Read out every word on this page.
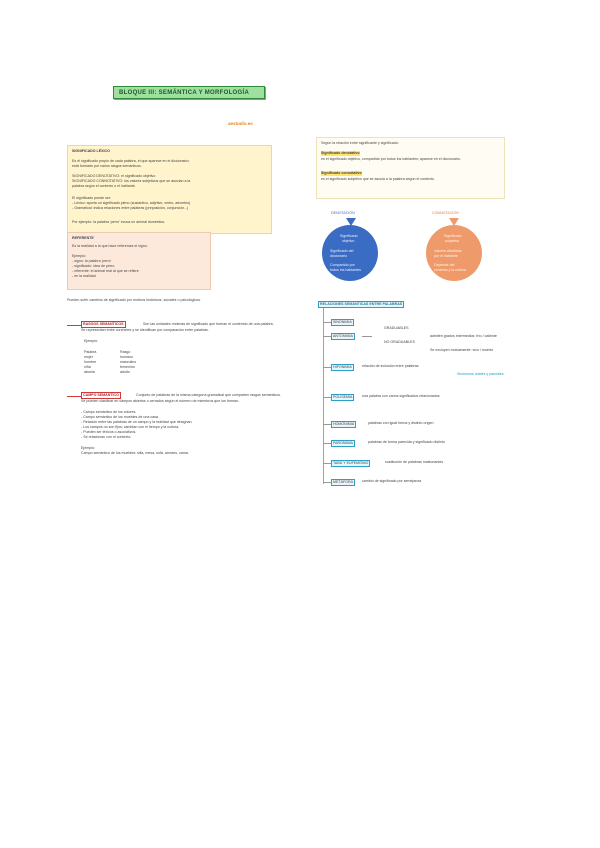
BLOQUE III: SEMÁNTICA Y MORFOLOGÍA
aestudio.es
SIGNIFICADO LÉXICO
Es el significado propio de cada palabra, el que aparece en el diccionario;
está formado por varios rasgos semánticos.
SIGNIFICADO DENOTATIVO: el significado objetivo
SIGNIFICADO CONNOTATIVO: los valores subjetivos que se asocian a la
palabra según el contexto o el hablante.
El significado puede ser:
- Léxico: aporta un significado pleno (sustantivo, adjetivo, verbo, adverbio)
- Gramatical: indica relaciones entre palabras (preposición, conjunción...)
Por ejemplo: la palabra 'perro' evoca un animal doméstico.
REFERENTE
Es la realidad a la que hace referencia el signo.
Ejemplo:
- signo: la palabra 'perro'
- significado: idea de perro
- referente: el animal real al que se refiere
- en la realidad
Pueden sufrir cambios de significado por motivos históricos, sociales o psicológicos.
RASGOS SEMÁNTICOS	Son las unidades mínimas de significado que forman el contenido de una palabra.
Se representan entre corchetes y se identifican por comparación entre palabras.
Ejemplo:
Palabra	Rasgo
mujer	humano
hombre	masculino
niña	femenino
abuela	adulto
CAMPO SEMÁNTICO	Conjunto de palabras de la misma categoría gramatical que comparten rasgos semánticos.
Se pueden clasificar en campos abiertos o cerrados según el número de miembros que los forman.
- Campo semántico de los colores.
- Campo semántico de los muebles de una casa.
- Relación entre las palabras de un campo y la realidad que designan.
- Los campos no son fijos; cambian con el tiempo y la cultura.
- Pueden ser léxicos o asociativos.
- Se relacionan con el contexto.
Ejemplo:
Campo semántico de los muebles: silla, mesa, sofá, armario, cama.
Según la relación entre significante y significado:
Significado denotativo
es el significado objetivo, compartido por todos los hablantes; aparece en el diccionario.
Significado connotativo
es el significado subjetivo que se asocia a la palabra según el contexto.
DENOTACIÓN
Significado
objetivo
Significado del
diccionario
Compartido por
todos los hablantes
CONNOTACIÓN
Significado
subjetivo
Valores añadidos
por el hablante
Depende del
contexto y la cultura
RELACIONES SEMÁNTICAS ENTRE PALABRAS
SINONIMIA
ANTONIMIA
GRADUABLES
NO GRADUABLES
admiten grados intermedios: frío / caliente
Se excluyen mutuamente: vivo / muerto
HIPONIMIA	relación de inclusión entre palabras
Sinónimos totales y parciales
POLISEMIA	una palabra con varios significados relacionados
HOMONIMIA	palabras con igual forma y distinto origen
PARONIMIA	palabras de forma parecida y significado distinto
TABÚ Y EUFEMISMO	sustitución de palabras malsonantes
METÁFORA	cambio de significado por semejanza
